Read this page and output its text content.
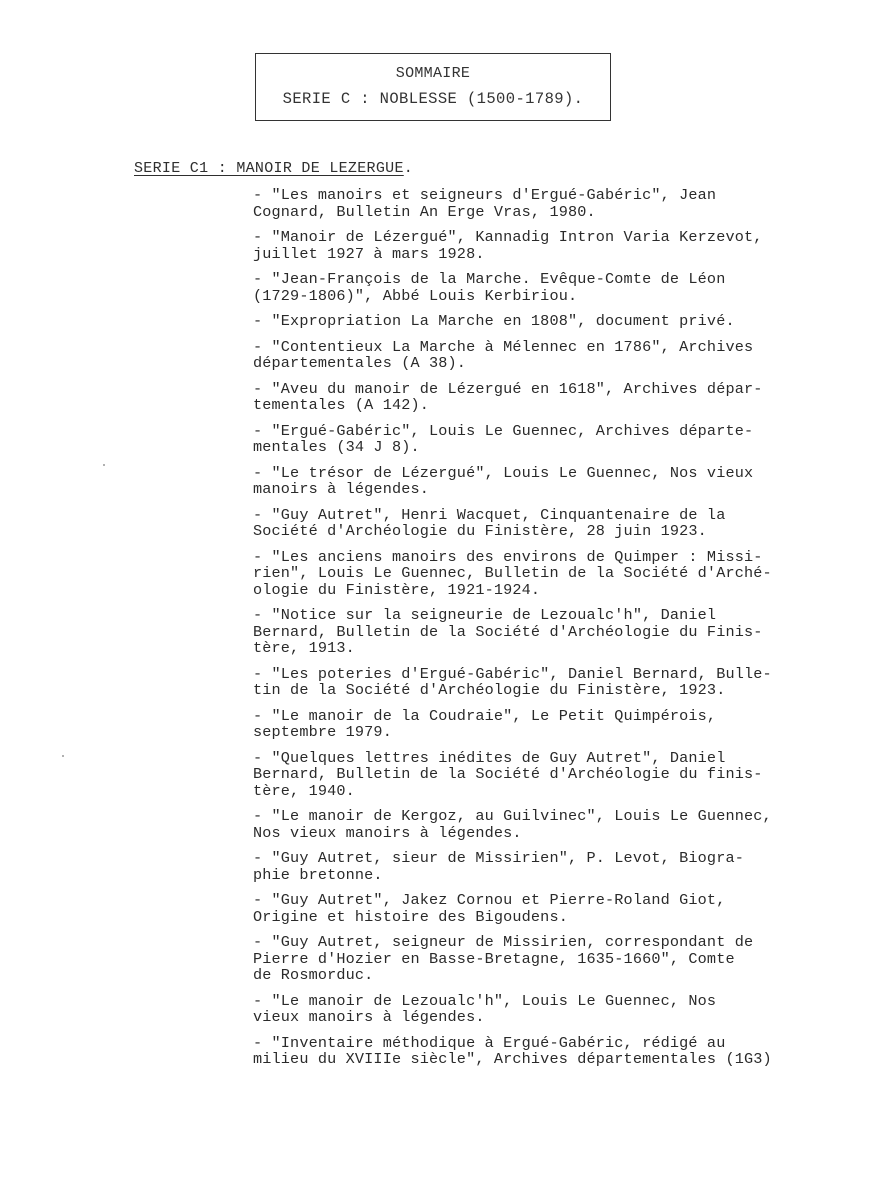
SOMMAIRE
SERIE C : NOBLESSE (1500-1789).
SERIE C1 : MANOIR DE LEZERGUE.
- "Les manoirs et seigneurs d'Ergué-Gabéric", Jean
Cognard, Bulletin An Erge Vras, 1980.
- "Manoir de Lézergué", Kannadig Intron Varia Kerzevot,
juillet 1927 à mars 1928.
- "Jean-François de la Marche. Evêque-Comte de Léon
(1729-1806)", Abbé Louis Kerbiriou.
- "Expropriation La Marche en 1808", document privé.
- "Contentieux La Marche à Mélennec en 1786", Archives
départementales (A 38).
- "Aveu du manoir de Lézergué en 1618", Archives dépar-
tementales (A 142).
- "Ergué-Gabéric", Louis Le Guennec, Archives départe-
mentales (34 J 8).
- "Le trésor de Lézergué", Louis Le Guennec, Nos vieux
manoirs à légendes.
- "Guy Autret", Henri Wacquet, Cinquantenaire de la
Société d'Archéologie du Finistère, 28 juin 1923.
- "Les anciens manoirs des environs de Quimper : Missi-
rien", Louis Le Guennec, Bulletin de la Société d'Arché-
ologie du Finistère, 1921-1924.
- "Notice sur la seigneurie de Lezoualc'h", Daniel
Bernard, Bulletin de la Société d'Archéologie du Finis-
tère, 1913.
- "Les poteries d'Ergué-Gabéric", Daniel Bernard, Bulle-
tin de la Société d'Archéologie du Finistère, 1923.
- "Le manoir de la Coudraie", Le Petit Quimpérois,
septembre 1979.
- "Quelques lettres inédites de Guy Autret", Daniel
Bernard, Bulletin de la Société d'Archéologie du finis-
tère, 1940.
- "Le manoir de Kergoz, au Guilvinec", Louis Le Guennec,
Nos vieux manoirs à légendes.
- "Guy Autret, sieur de Missirien", P. Levot, Biogra-
phie bretonne.
- "Guy Autret", Jakez Cornou et Pierre-Roland Giot,
Origine et histoire des Bigoudens.
- "Guy Autret, seigneur de Missirien, correspondant de
Pierre d'Hozier en Basse-Bretagne, 1635-1660", Comte
de Rosmorduc.
- "Le manoir de Lezoualc'h", Louis Le Guennec, Nos
vieux manoirs à légendes.
- "Inventaire méthodique à Ergué-Gabéric, rédigé au
milieu du XVIIIe siècle", Archives départementales (1G3)
